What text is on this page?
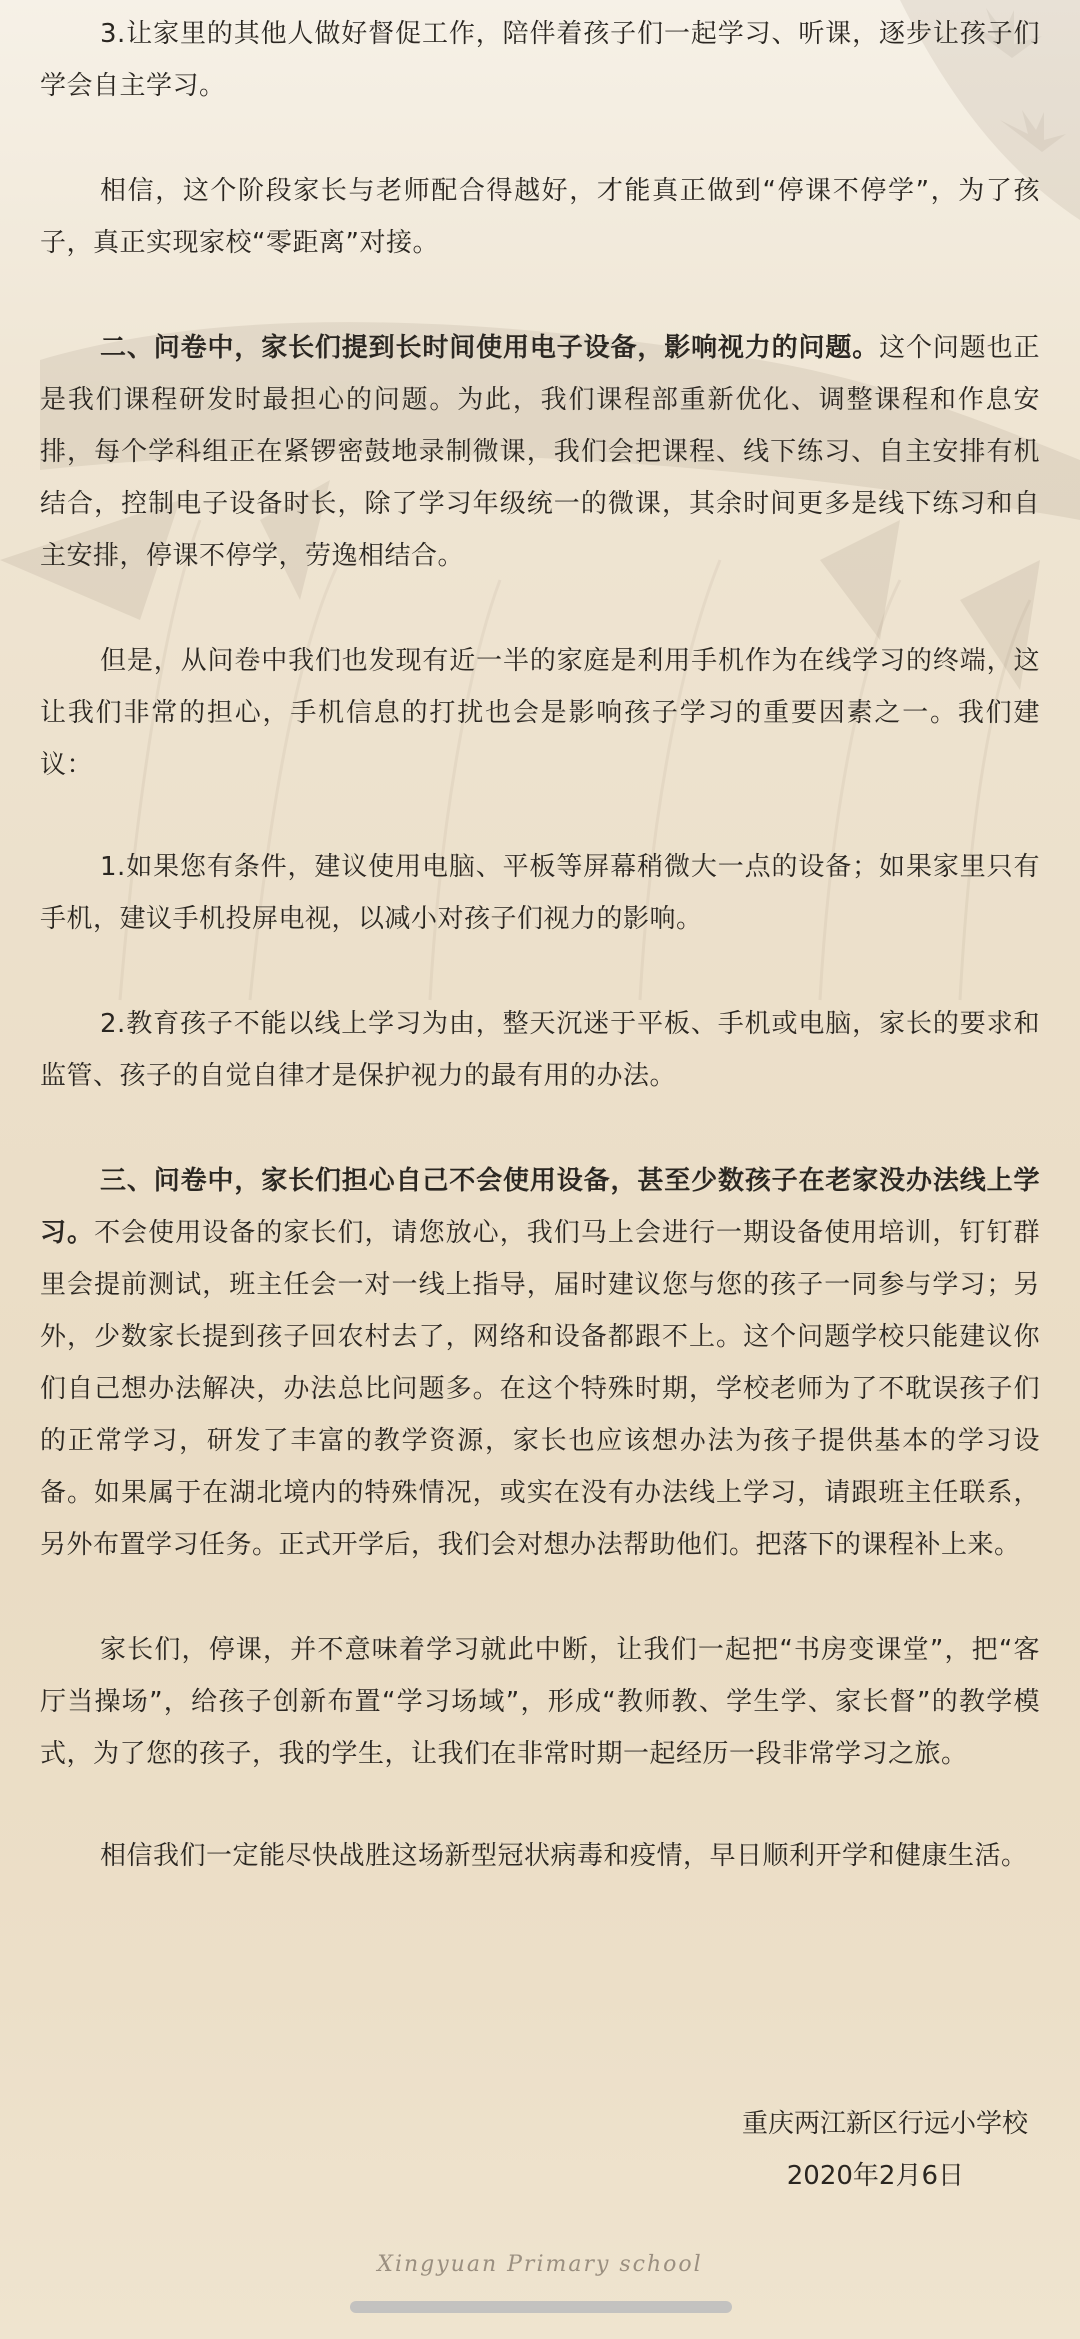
3.让家里的其他人做好督促工作，陪伴着孩子们一起学习、听课，逐步让孩子们学会自主学习。

相信，这个阶段家长与老师配合得越好，才能真正做到“停课不停学”，为了孩子，真正实现家校“零距离”对接。

二、问卷中，家长们提到长时间使用电子设备，影响视力的问题。这个问题也正是我们课程研发时最担心的问题。为此，我们课程部重新优化、调整课程和作息安排，每个学科组正在紧锣密鼓地录制微课，我们会把课程、线下练习、自主安排有机结合，控制电子设备时长，除了学习年级统一的微课，其余时间更多是线下练习和自主安排，停课不停学，劳逸相结合。

但是，从问卷中我们也发现有近一半的家庭是利用手机作为在线学习的终端，这让我们非常的担心，手机信息的打扰也会是影响孩子学习的重要因素之一。我们建议：

1.如果您有条件，建议使用电脑、平板等屏幕稍微大一点的设备；如果家里只有手机，建议手机投屏电视，以减小对孩子们视力的影响。

2.教育孩子不能以线上学习为由，整天沉迷于平板、手机或电脑，家长的要求和监管、孩子的自觉自律才是保护视力的最有用的办法。

三、问卷中，家长们担心自己不会使用设备，甚至少数孩子在老家没办法线上学习。不会使用设备的家长们，请您放心，我们马上会进行一期设备使用培训，钉钉群里会提前测试，班主任会一对一线上指导，届时建议您与您的孩子一同参与学习；另外，少数家长提到孩子回农村去了，网络和设备都跟不上。这个问题学校只能建议你们自己想办法解决，办法总比问题多。在这个特殊时期，学校老师为了不耽误孩子们的正常学习，研发了丰富的教学资源，家长也应该想办法为孩子提供基本的学习设备。如果属于在湖北境内的特殊情况，或实在没有办法线上学习，请跟班主任联系，另外布置学习任务。正式开学后，我们会对想办法帮助他们。把落下的课程补上来。

家长们，停课，并不意味着学习就此中断，让我们一起把“书房变课堂”，把“客厅当操场”，给孩子创新布置“学习场域”，形成“教师教、学生学、家长督”的教学模式，为了您的孩子，我的学生，让我们在非常时期一起经历一段非常学习之旅。

相信我们一定能尽快战胜这场新型冠状病毒和疫情，早日顺利开学和健康生活。

重庆两江新区行远小学校
2020年2月6日
Xingyuan Primary school
